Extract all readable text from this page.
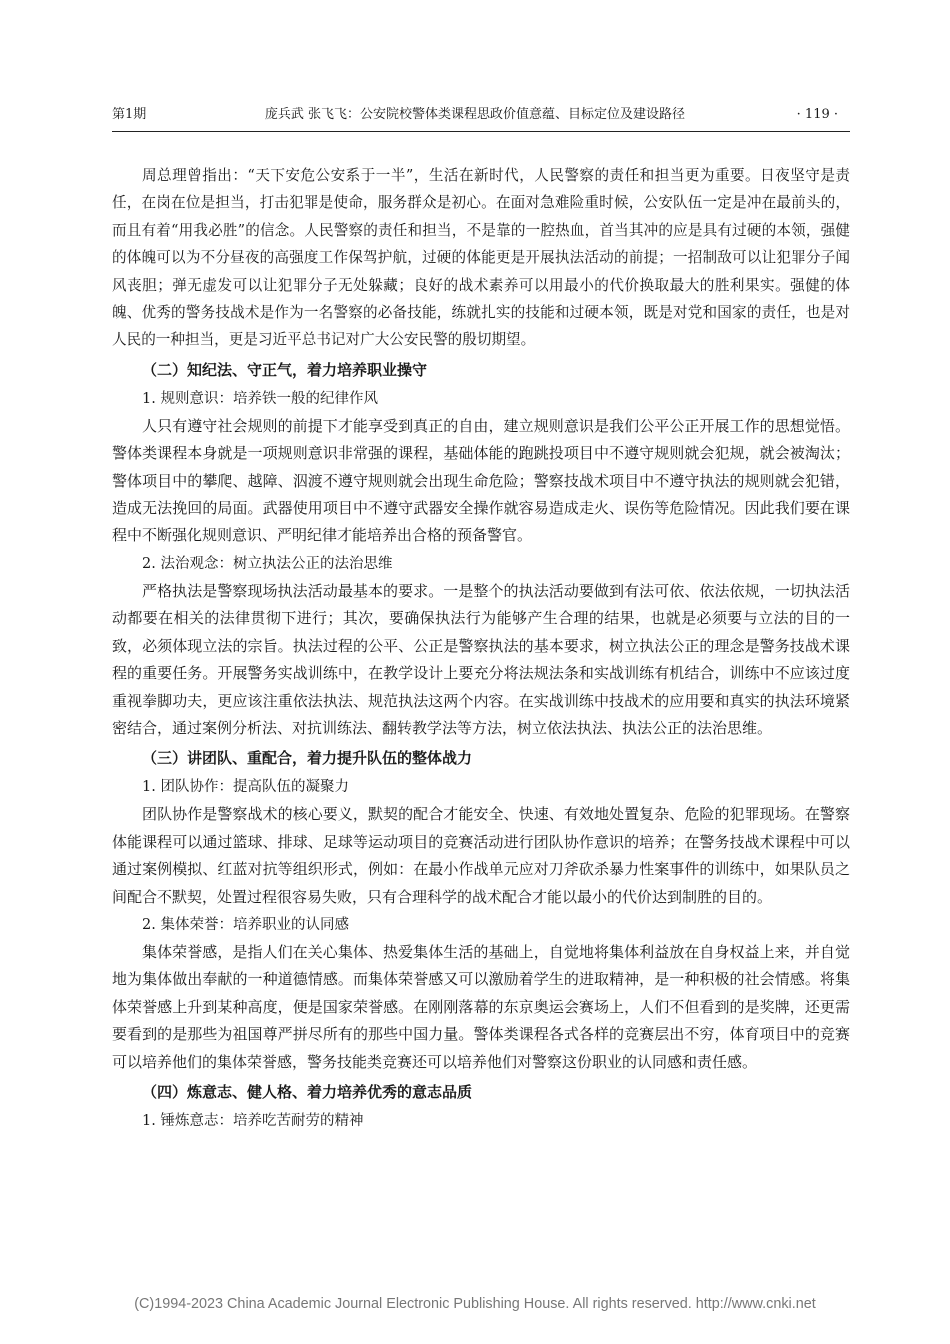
第1期	庞兵武 张飞飞：公安院校警体类课程思政价值意蕴、目标定位及建设路径	· 119 ·

周总理曾指出：“天下安危公安系于一半”，生活在新时代，人民警察的责任和担当更为重要。日夜坚守是责任，在岗在位是担当，打击犯罪是使命，服务群众是初心。在面对急难险重时候，公安队伍一定是冲在最前头的，而且有着“用我必胜”的信念。人民警察的责任和担当，不是靠的一腔热血，首当其冲的应是具有过硬的本领，强健的体魄可以为不分昼夜的高强度工作保驾护航，过硬的体能更是开展执法活动的前提；一招制敌可以让犯罪分子闻风丧胆；弹无虚发可以让犯罪分子无处躲藏；良好的战术素养可以用最小的代价换取最大的胜利果实。强健的体魄、优秀的警务技战术是作为一名警察的必备技能，练就扎实的技能和过硬本领，既是对党和国家的责任，也是对人民的一种担当，更是习近平总书记对广大公安民警的殷切期望。

（二）知纪法、守正气，着力培养职业操守
1. 规则意识：培养铁一般的纪律作风

人只有遵守社会规则的前提下才能享受到真正的自由，建立规则意识是我们公平公正开展工作的思想觉悟。警体类课程本身就是一项规则意识非常强的课程，基础体能的跑跳投项目中不遵守规则就会犯规，就会被淘汰；警体项目中的攀爬、越障、泅渡不遵守规则就会出现生命危险；警察技战术项目中不遵守执法的规则就会犯错，造成无法挽回的局面。武器使用项目中不遵守武器安全操作就容易造成走火、误伤等危险情况。因此我们要在课程中不断强化规则意识、严明纪律才能培养出合格的预备警官。

2. 法治观念：树立执法公正的法治思维

严格执法是警察现场执法活动最基本的要求。一是整个的执法活动要做到有法可依、依法依规，一切执法活动都要在相关的法律贯彻下进行；其次，要确保执法行为能够产生合理的结果，也就是必须要与立法的目的一致，必须体现立法的宗旨。执法过程的公平、公正是警察执法的基本要求，树立执法公正的理念是警务技战术课程的重要任务。开展警务实战训练中，在教学设计上要充分将法规法条和实战训练有机结合，训练中不应该过度重视拳脚功夫，更应该注重依法执法、规范执法这两个内容。在实战训练中技战术的应用要和真实的执法环境紧密结合，通过案例分析法、对抗训练法、翻转教学法等方法，树立依法执法、执法公正的法治思维。

（三）讲团队、重配合，着力提升队伍的整体战力
1. 团队协作：提高队伍的凝聚力

团队协作是警察战术的核心要义，默契的配合才能安全、快速、有效地处置复杂、危险的犯罪现场。在警察体能课程可以通过篮球、排球、足球等运动项目的竞赛活动进行团队协作意识的培养；在警务技战术课程中可以通过案例模拟、红蓝对抗等组织形式，例如：在最小作战单元应对刀斧砍杀暴力性案事件的训练中，如果队员之间配合不默契，处置过程很容易失败，只有合理科学的战术配合才能以最小的代价达到制胜的目的。

2. 集体荣誉：培养职业的认同感

集体荣誉感，是指人们在关心集体、热爱集体生活的基础上，自觉地将集体利益放在自身权益上来，并自觉地为集体做出奉献的一种道德情感。而集体荣誉感又可以激励着学生的进取精神，是一种积极的社会情感。将集体荣誉感上升到某种高度，便是国家荣誉感。在刚刚落幕的东京奥运会赛场上，人们不但看到的是奖牌，还更需要看到的是那些为祖国尊严拼尽所有的那些中国力量。警体类课程各式各样的竞赛层出不穷，体育项目中的竞赛可以培养他们的集体荣誉感，警务技能类竞赛还可以培养他们对警察这份职业的认同感和责任感。

（四）炼意志、健人格、着力培养优秀的意志品质
1. 锤炼意志：培养吃苦耐劳的精神
(C)1994-2023 China Academic Journal Electronic Publishing House. All rights reserved. http://www.cnki.net
